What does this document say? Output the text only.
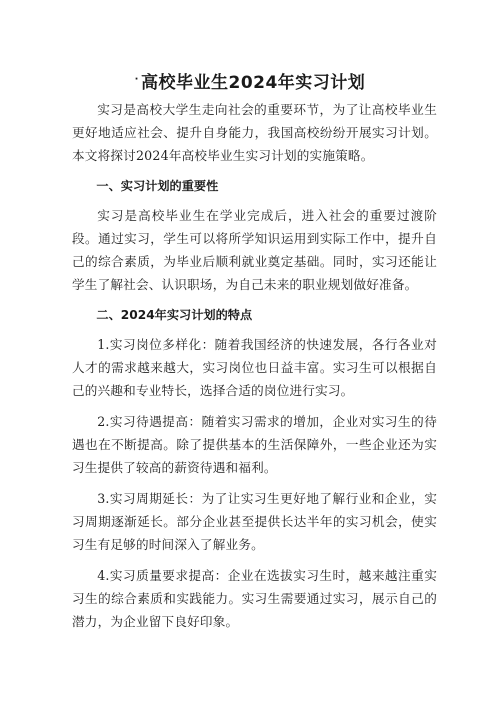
· 高校毕业生2024年实习计划

实习是高校大学生走向社会的重要环节，为了让高校毕业生更好地适应社会、提升自身能力，我国高校纷纷开展实习计划。本文将探讨2024年高校毕业生实习计划的实施策略。

一、实习计划的重要性

实习是高校毕业生在学业完成后，进入社会的重要过渡阶段。通过实习，学生可以将所学知识运用到实际工作中，提升自己的综合素质，为毕业后顺利就业奠定基础。同时，实习还能让学生了解社会、认识职场，为自己未来的职业规划做好准备。

二、2024年实习计划的特点

1.实习岗位多样化：随着我国经济的快速发展，各行各业对人才的需求越来越大，实习岗位也日益丰富。实习生可以根据自己的兴趣和专业特长，选择合适的岗位进行实习。

2.实习待遇提高：随着实习需求的增加，企业对实习生的待遇也在不断提高。除了提供基本的生活保障外，一些企业还为实习生提供了较高的薪资待遇和福利。

3.实习周期延长：为了让实习生更好地了解行业和企业，实习周期逐渐延长。部分企业甚至提供长达半年的实习机会，使实习生有足够的时间深入了解业务。

4.实习质量要求提高：企业在选拔实习生时，越来越注重实习生的综合素质和实践能力。实习生需要通过实习，展示自己的潜力，为企业留下良好印象。
